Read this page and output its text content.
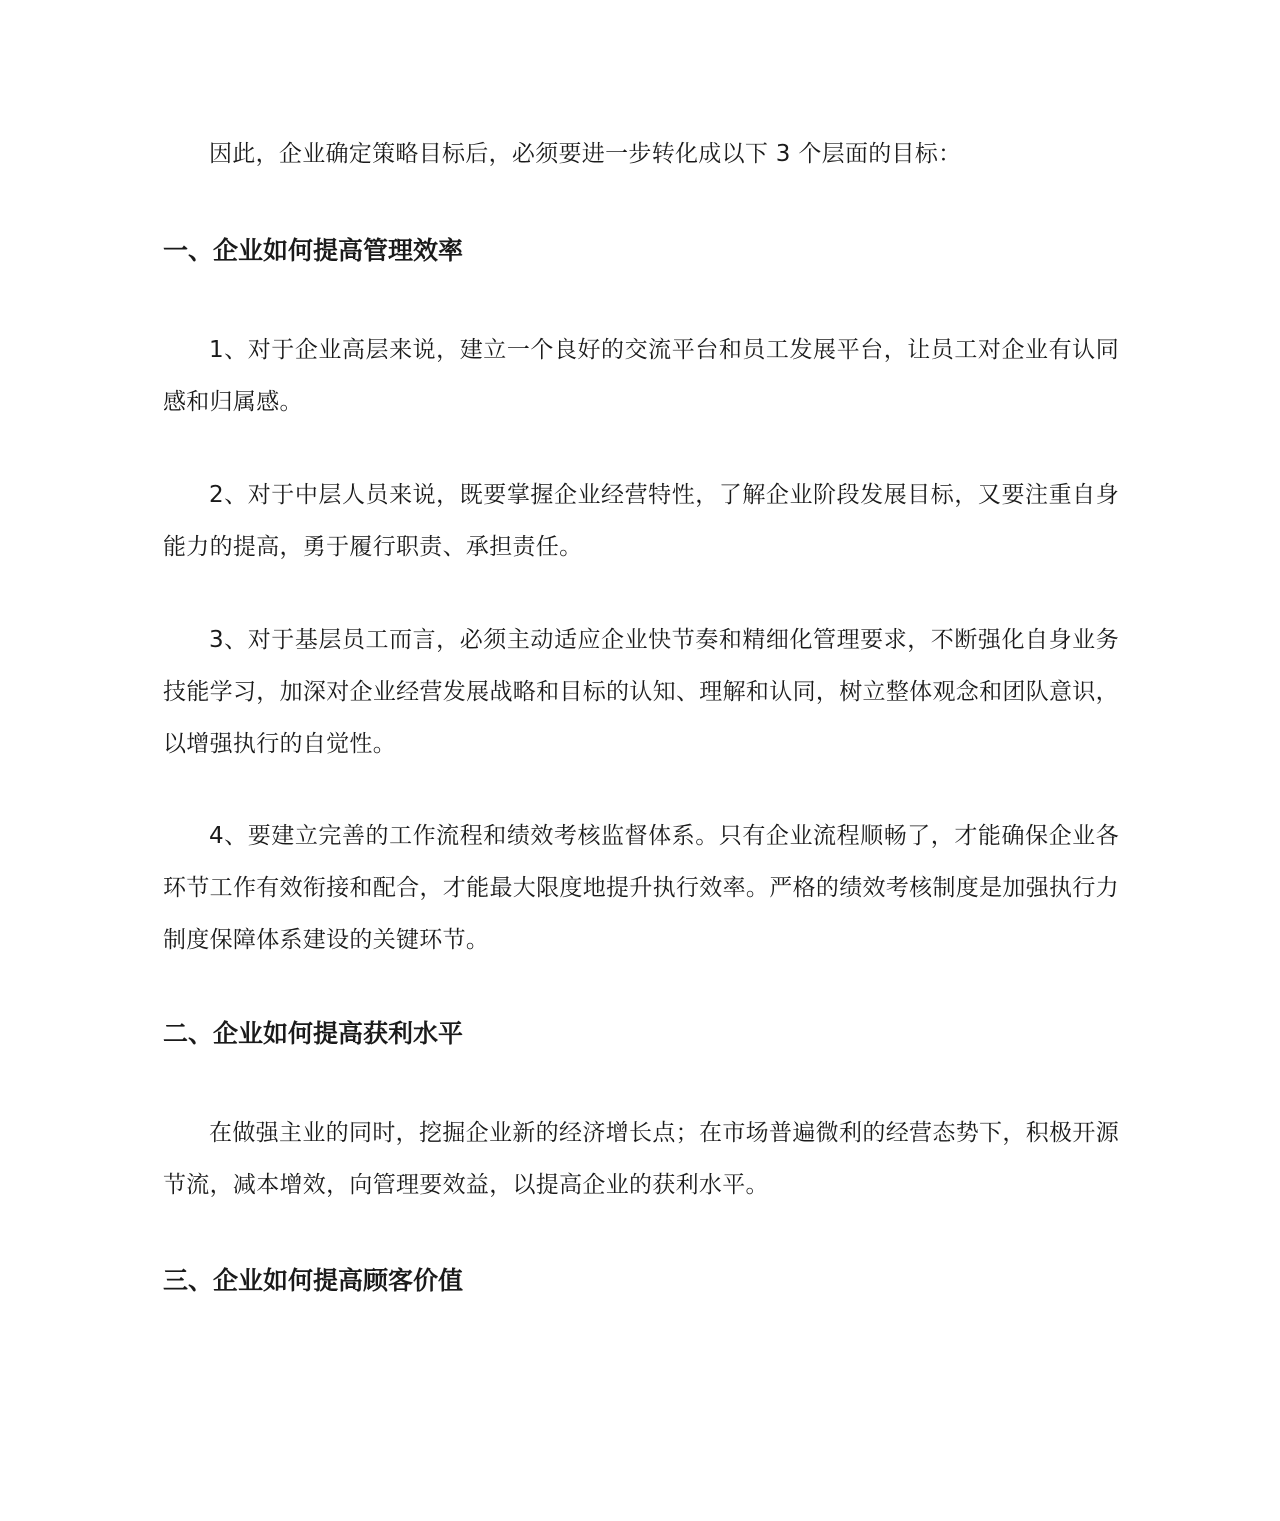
因此，企业确定策略目标后，必须要进一步转化成以下 3 个层面的目标：

一、企业如何提高管理效率

1、对于企业高层来说，建立一个良好的交流平台和员工发展平台，让员工对企业有认同感和归属感。

2、对于中层人员来说，既要掌握企业经营特性，了解企业阶段发展目标，又要注重自身能力的提高，勇于履行职责、承担责任。

3、对于基层员工而言，必须主动适应企业快节奏和精细化管理要求，不断强化自身业务技能学习，加深对企业经营发展战略和目标的认知、理解和认同，树立整体观念和团队意识，以增强执行的自觉性。

4、要建立完善的工作流程和绩效考核监督体系。只有企业流程顺畅了，才能确保企业各环节工作有效衔接和配合，才能最大限度地提升执行效率。严格的绩效考核制度是加强执行力制度保障体系建设的关键环节。

二、企业如何提高获利水平

在做强主业的同时，挖掘企业新的经济增长点；在市场普遍微利的经营态势下，积极开源节流，减本增效，向管理要效益，以提高企业的获利水平。

三、企业如何提高顾客价值
